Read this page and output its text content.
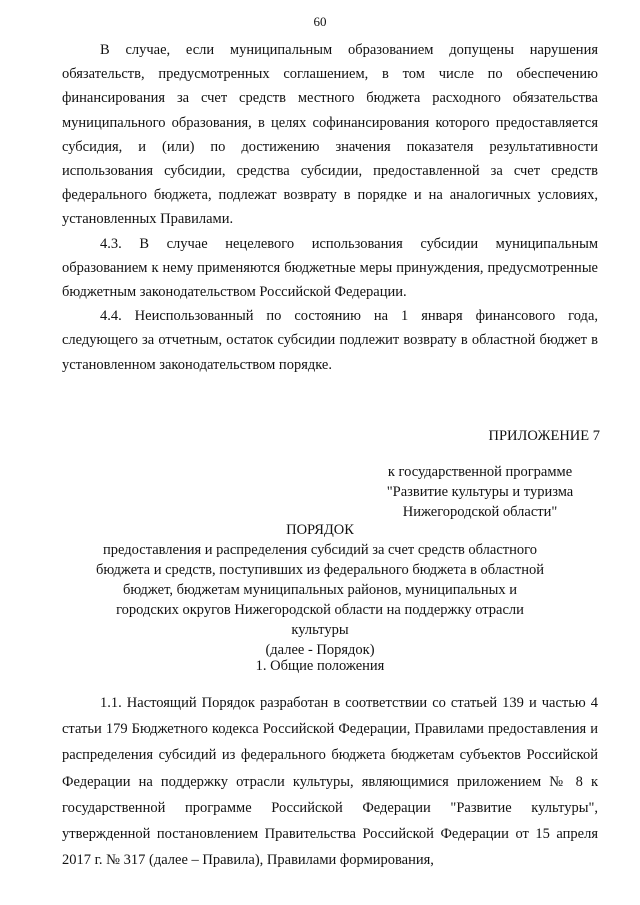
60

В случае, если муниципальным образованием допущены нарушения обязательств, предусмотренных соглашением, в том числе по обеспечению финансирования за счет средств местного бюджета расходного обязательства муниципального образования, в целях софинансирования которого предоставляется субсидия, и (или) по достижению значения показателя результативности использования субсидии, средства субсидии, предоставленной за счет средств федерального бюджета, подлежат возврату в порядке и на аналогичных условиях, установленных Правилами.

4.3. В случае нецелевого использования субсидии муниципальным образованием к нему применяются бюджетные меры принуждения, предусмотренные бюджетным законодательством Российской Федерации.

4.4. Неиспользованный по состоянию на 1 января финансового года, следующего за отчетным, остаток субсидии подлежит возврату в областной бюджет в установленном законодательством порядке.

ПРИЛОЖЕНИЕ 7
к государственной программе
"Развитие культуры и туризма
Нижегородской области"
ПОРЯДОК
предоставления и распределения субсидий за счет средств областного
бюджета и средств, поступивших из федерального бюджета в областной
бюджет, бюджетам муниципальных районов, муниципальных и
городских округов Нижегородской области на поддержку отрасли
культуры
(далее - Порядок)
1. Общие положения

1.1. Настоящий Порядок разработан в соответствии со статьей 139 и частью 4 статьи 179 Бюджетного кодекса Российской Федерации, Правилами предоставления и распределения субсидий из федерального бюджета бюджетам субъектов Российской Федерации на поддержку отрасли культуры, являющимися приложением № 8 к государственной программе Российской Федерации "Развитие культуры", утвержденной постановлением Правительства Российской Федерации от 15 апреля 2017 г. № 317 (далее – Правила), Правилами формирования,
